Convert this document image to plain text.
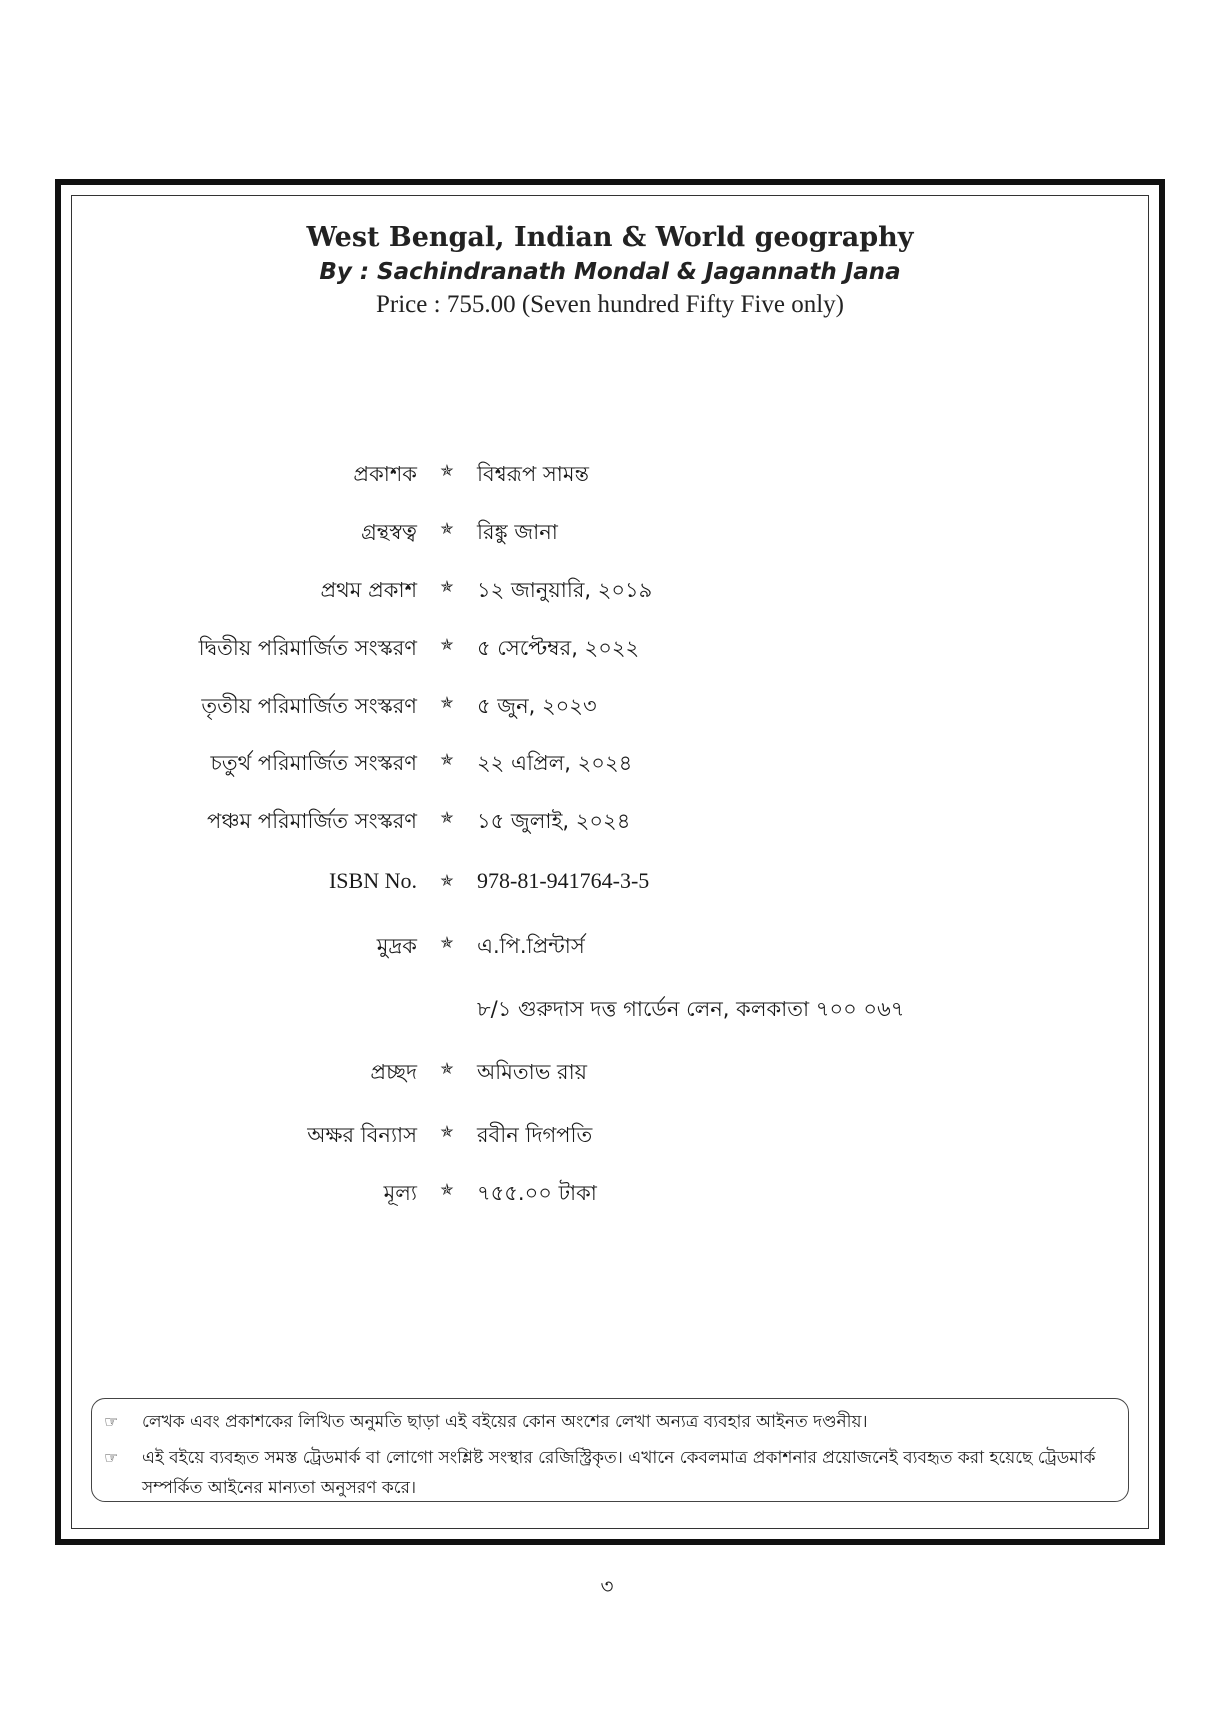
West Bengal, Indian & World geography
By : Sachindranath Mondal & Jagannath Jana
Price : 755.00 (Seven hundred Fifty Five only)
প্রকাশক ✯ বিশ্বরূপ সামন্ত
গ্রন্থস্বত্ব ✯ রিঙ্কু জানা
প্রথম প্রকাশ ✯ ১২ জানুয়ারি, ২০১৯
দ্বিতীয় পরিমার্জিত সংস্করণ ✯ ৫ সেপ্টেম্বর, ২০২২
তৃতীয় পরিমার্জিত সংস্করণ ✯ ৫ জুন, ২০২৩
চতুর্থ পরিমার্জিত সংস্করণ ✯ ২২ এপ্রিল, ২০২৪
পঞ্চম পরিমার্জিত সংস্করণ ✯ ১৫ জুলাই, ২০২৪
ISBN No. ✯ 978-81-941764-3-5
মুদ্রক ✯ এ.পি.প্রিন্টার্স
৮/১ গুরুদাস দত্ত গার্ডেন লেন, কলকাতা ৭০০ ০৬৭
প্রচ্ছদ ✯ অমিতাভ রায়
অক্ষর বিন্যাস ✯ রবীন দিগপতি
মূল্য ✯ ৭৫৫.০০ টাকা
☞ লেখক এবং প্রকাশকের লিখিত অনুমতি ছাড়া এই বইয়ের কোন অংশের লেখা অন্যত্র ব্যবহার আইনত দণ্ডনীয়।
☞ এই বইয়ে ব্যবহৃত সমস্ত ট্রেডমার্ক বা লোগো সংশ্লিষ্ট সংস্থার রেজিস্ট্রিকৃত। এখানে কেবলমাত্র প্রকাশনার প্রয়োজনেই ব্যবহৃত করা হয়েছে ট্রেডমার্ক সম্পর্কিত আইনের মান্যতা অনুসরণ করে।
৩
